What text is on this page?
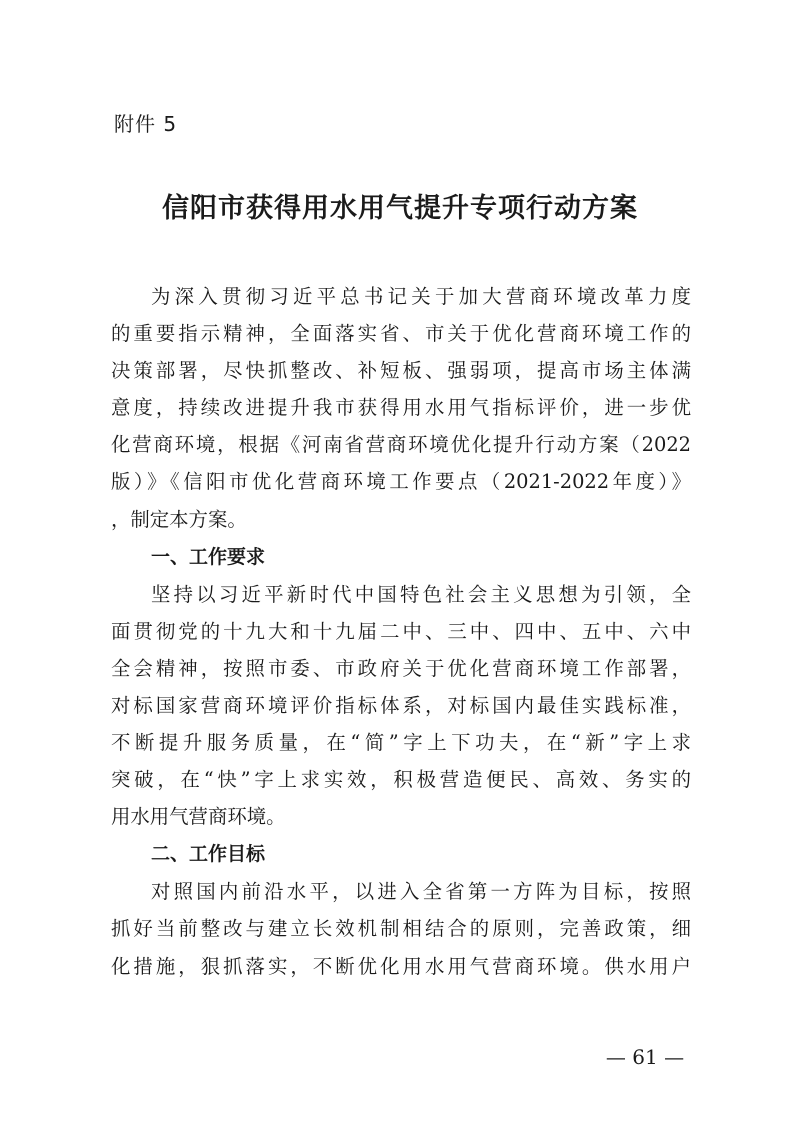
附件 5
信阳市获得用水用气提升专项行动方案
为深入贯彻习近平总书记关于加大营商环境改革力度
的重要指示精神，全面落实省、市关于优化营商环境工作的
决策部署，尽快抓整改、补短板、强弱项，提高市场主体满
意度，持续改进提升我市获得用水用气指标评价，进一步优
化营商环境，根据《河南省营商环境优化提升行动方案（2022
版）》《信阳市优化营商环境工作要点（2021-2022年度）》
，制定本方案。
一、工作要求
坚持以习近平新时代中国特色社会主义思想为引领，全
面贯彻党的十九大和十九届二中、三中、四中、五中、六中
全会精神，按照市委、市政府关于优化营商环境工作部署，
对标国家营商环境评价指标体系，对标国内最佳实践标准，
不断提升服务质量，在“简”字上下功夫，在“新”字上求
突破，在“快”字上求实效，积极营造便民、高效、务实的
用水用气营商环境。
二、工作目标
对照国内前沿水平，以进入全省第一方阵为目标，按照
抓好当前整改与建立长效机制相结合的原则，完善政策，细
化措施，狠抓落实，不断优化用水用气营商环境。供水用户
— 61 —
